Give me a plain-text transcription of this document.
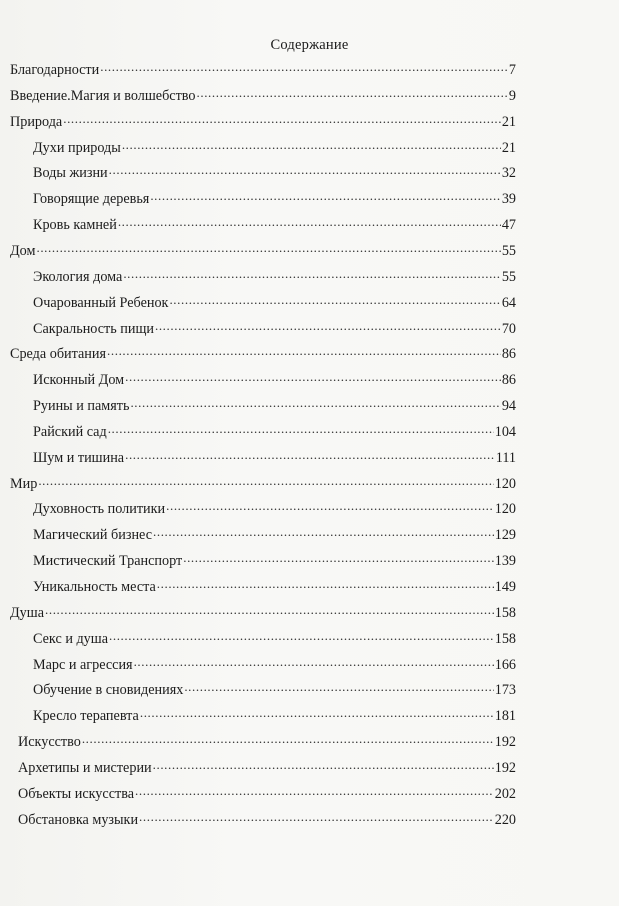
Содержание
Благодарности .....	7
Введение.Магия и волшебство .....	9
Природа .....	21
Духи природы .....	21
Воды жизни .....	32
Говорящие деревья .....	39
Кровь камней .....	47
Дом .....	55
Экология дома .....	55
Очарованный Ребенок .....	64
Сакральность пищи .....	70
Среда обитания .....	86
Исконный Дом .....	86
Руины и память .....	94
Райский сад .....	104
Шум и тишина .....	111
Мир .....	120
Духовность политики .....	120
Магический бизнес .....	129
Мистический Транспорт .....	139
Уникальность места .....	149
Душа .....	158
Секс и душа .....	158
Марс и агрессия .....	166
Обучение в сновидениях .....	173
Кресло терапевта .....	181
Искусство .....	192
Архетипы и мистерии .....	192
Объекты искусства .....	202
Обстановка музыки .....	220
